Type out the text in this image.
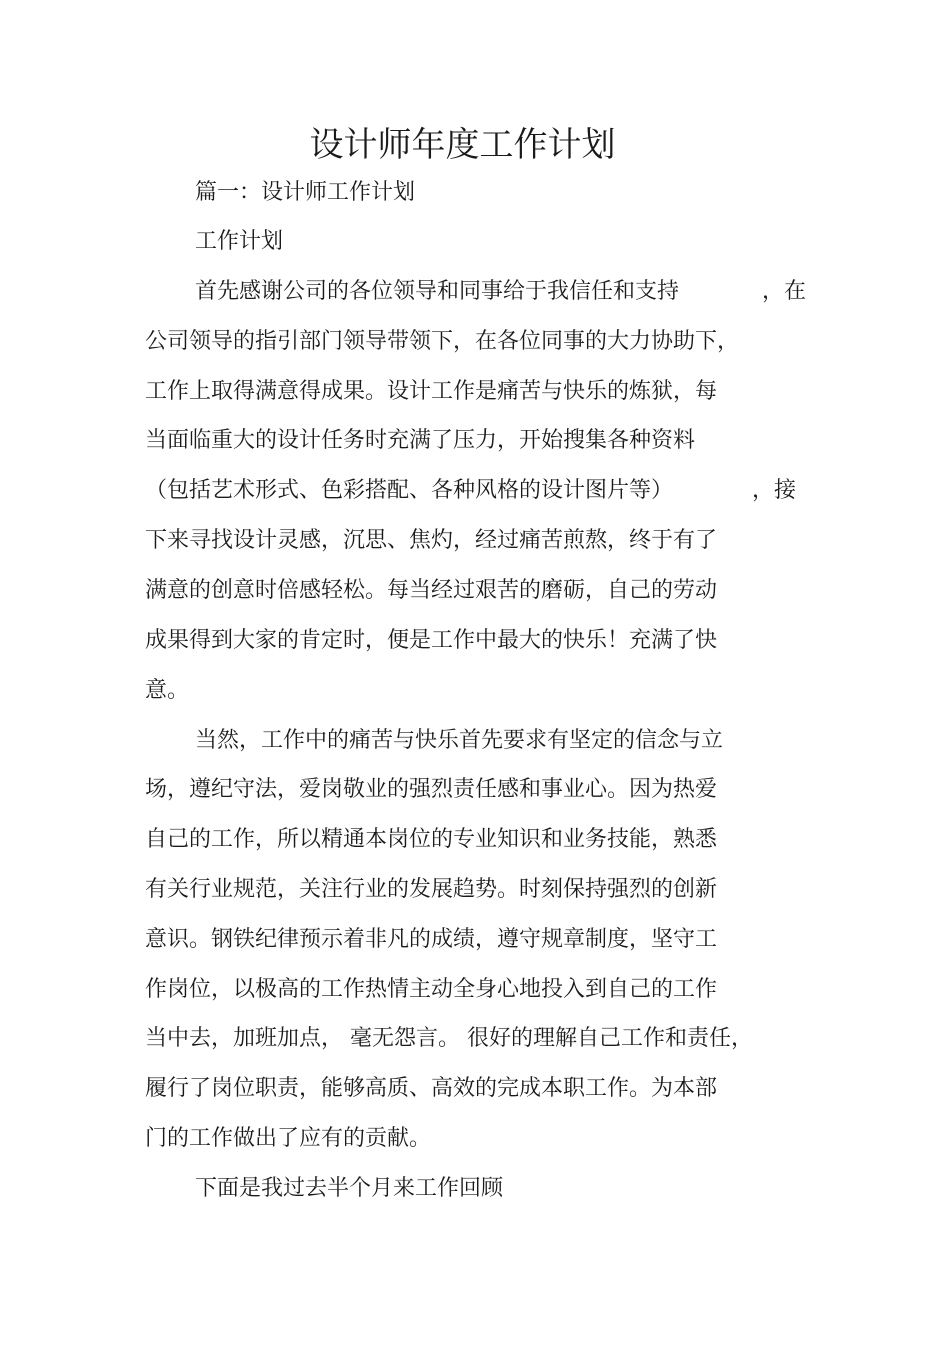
设计师年度工作计划
篇一：设计师工作计划
工作计划
首先感谢公司的各位领导和同事给于我信任和支持	，在
公司领导的指引部门领导带领下，在各位同事的大力协助下，
工作上取得满意得成果。设计工作是痛苦与快乐的炼狱，每
当面临重大的设计任务时充满了压力，开始搜集各种资料
（包括艺术形式、色彩搭配、各种风格的设计图片等）	，接
下来寻找设计灵感，沉思、焦灼，经过痛苦煎熬，终于有了
满意的创意时倍感轻松。每当经过艰苦的磨砺，自己的劳动
成果得到大家的肯定时，便是工作中最大的快乐！充满了快
意。
当然，工作中的痛苦与快乐首先要求有坚定的信念与立
场，遵纪守法，爱岗敬业的强烈责任感和事业心。因为热爱
自己的工作，所以精通本岗位的专业知识和业务技能，熟悉
有关行业规范，关注行业的发展趋势。时刻保持强烈的创新
意识。钢铁纪律预示着非凡的成绩，遵守规章制度，坚守工
作岗位，以极高的工作热情主动全身心地投入到自己的工作
当中去，加班加点， 毫无怨言。 很好的理解自己工作和责任，
履行了岗位职责，能够高质、高效的完成本职工作。为本部
门的工作做出了应有的贡献。
下面是我过去半个月来工作回顾
